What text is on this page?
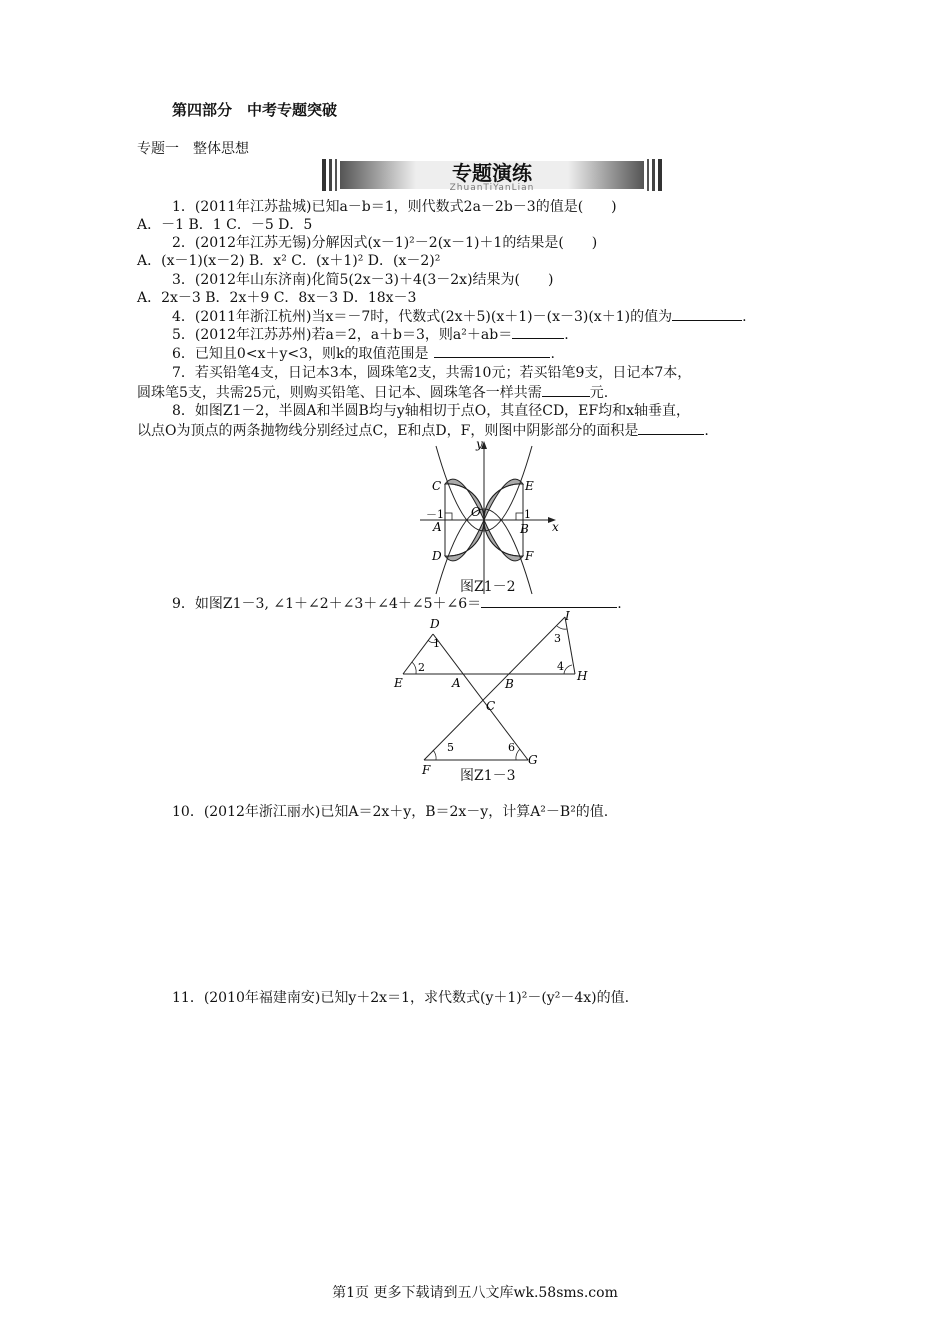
第四部分　中考专题突破
专题一　整体思想
专题演练
ZhuanTiYanLian
1．(2011年江苏盐城)已知a－b＝1，则代数式2a－2b－3的值是(　　)
A．－1 B．1 C．－5 D．5
2．(2012年江苏无锡)分解因式(x－1)²－2(x－1)＋1的结果是(　　)
A．(x－1)(x－2) B．x² C．(x＋1)² D．(x－2)²
3．(2012年山东济南)化简5(2x－3)＋4(3－2x)结果为(　　)
A．2x－3 B．2x＋9 C．8x－3 D．18x－3
4．(2011年浙江杭州)当x＝－7时，代数式(2x＋5)(x＋1)－(x－3)(x＋1)的值为	.
5．(2012年江苏苏州)若a＝2，a＋b＝3，则a²＋ab＝	.
6．已知且0<x＋y<3，则k的取值范围是	.
7．若买铅笔4支，日记本3本，圆珠笔2支，共需10元；若买铅笔9支，日记本7本，
圆珠笔5支，共需25元，则购买铅笔、日记本、圆珠笔各一样共需	元.
8．如图Z1－2，半圆A和半圆B均与y轴相切于点O，其直径CD，EF均和x轴垂直，
以点O为顶点的两条抛物线分别经过点C，E和点D，F，则图中阴影部分的面积是	.
y
x
C	E
O
A	B
D	F
－1	1
图Z1－2
9．如图Z1－3, ∠1＋∠2＋∠3＋∠4＋∠5＋∠6＝	.
D
I
E	A	B
H
C
F
G
1
2
3
4
5	6
图Z1－3
10．(2012年浙江丽水)已知A＝2x＋y，B＝2x－y，计算A²－B²的值.
11．(2010年福建南安)已知y＋2x＝1，求代数式(y＋1)²－(y²－4x)的值.
第1页 更多下载请到五八文库wk.58sms.com
